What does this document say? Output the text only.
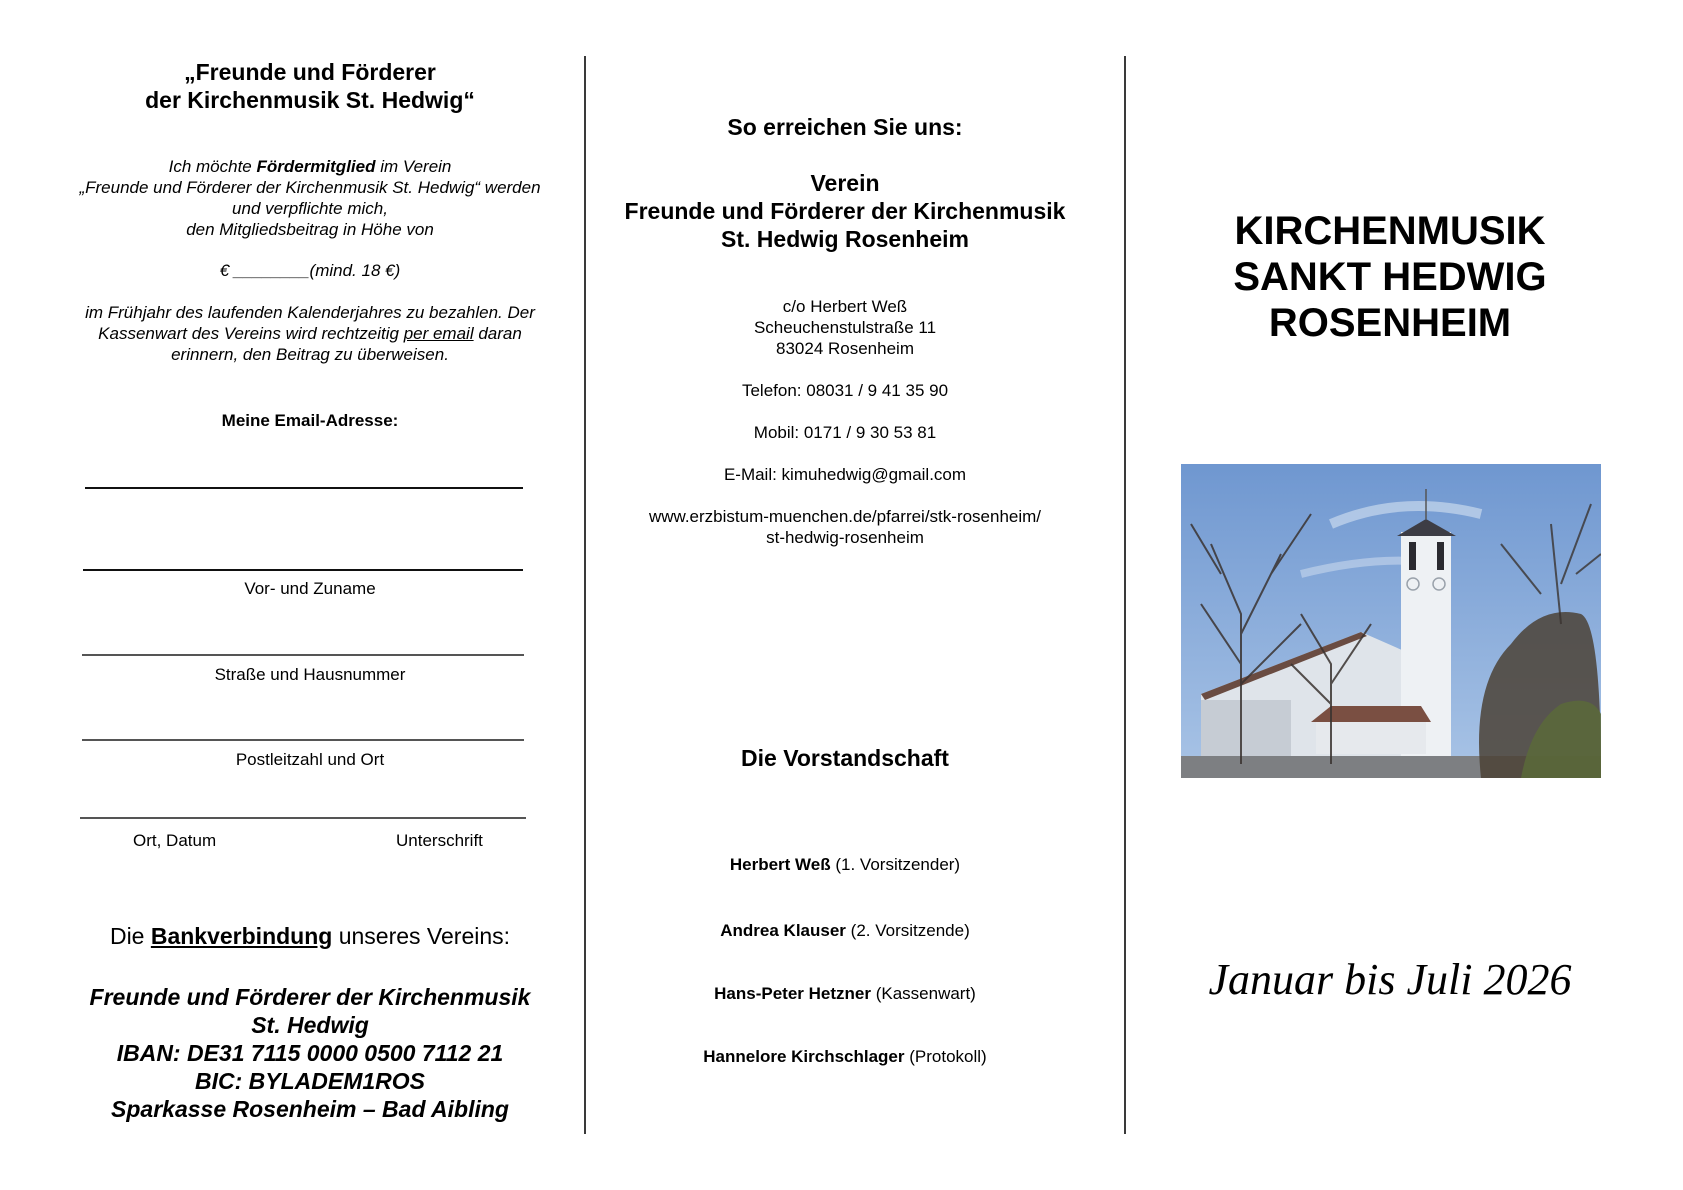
„Freunde und Förderer
der Kirchenmusik St. Hedwig“
Ich möchte Fördermitglied im Verein
„Freunde und Förderer der Kirchenmusik St. Hedwig“ werden
und verpflichte mich,
den Mitgliedsbeitrag in Höhe von
€ ________(mind. 18 €)
im Frühjahr des laufenden Kalenderjahres zu bezahlen. Der
Kassenwart des Vereins wird rechtzeitig per email daran
erinnern, den Beitrag zu überweisen.
Meine Email-Adresse:
Vor- und Zuname
Straße und Hausnummer
Postleitzahl und Ort
Ort, Datum	Unterschrift
Die Bankverbindung unseres Vereins:
Freunde und Förderer der Kirchenmusik
St. Hedwig
IBAN: DE31 7115 0000 0500 7112 21
BIC: BYLADEM1ROS
Sparkasse Rosenheim – Bad Aibling
So erreichen Sie uns:
Verein
Freunde und Förderer der Kirchenmusik
St. Hedwig Rosenheim
c/o Herbert Weß
Scheuchenstulstraße 11
83024 Rosenheim
Telefon: 08031 / 9 41 35 90
Mobil: 0171 / 9 30 53 81
E-Mail: kimuhedwig@gmail.com
www.erzbistum-muenchen.de/pfarrei/stk-rosenheim/
st-hedwig-rosenheim
Die Vorstandschaft
Herbert Weß (1. Vorsitzender)
Andrea Klauser (2. Vorsitzende)
Hans-Peter Hetzner (Kassenwart)
Hannelore Kirchschlager (Protokoll)
KIRCHENMUSIK
SANKT HEDWIG
ROSENHEIM
Januar bis Juli 2026
